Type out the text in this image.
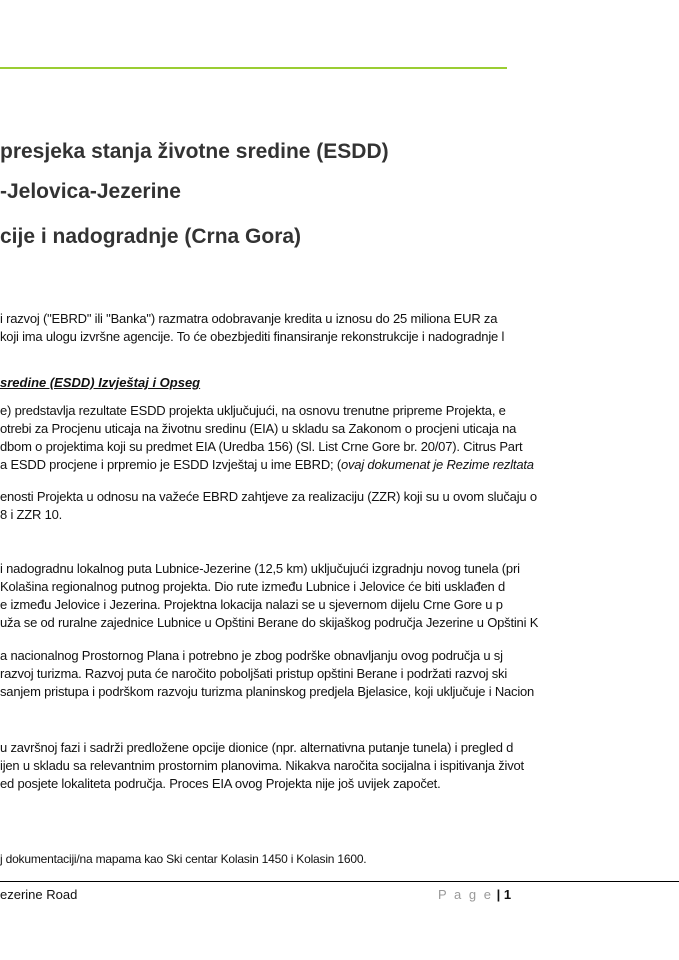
presjeka stanja životne sredine (ESDD)
-Jelovica-Jezerine
cije i nadogradnje (Crna Gora)
i razvoj ("EBRD" ili "Banka") razmatra odobravanje kredita u iznosu do 25 miliona EUR za
koji ima ulogu izvršne agencije. To će obezbjediti finansiranje rekonstrukcije i nadogradnje l
sredine (ESDD) Izvještaj i Opseg
e) predstavlja rezultate ESDD projekta uključujući, na osnovu trenutne pripreme Projekta, e
otrebi za Procjenu uticaja na životnu sredinu (EIA) u skladu sa Zakonom o procjeni uticaja na
dbom o projektima koji su predmet EIA (Uredba 156) (Sl. List Crne Gore br. 20/07). Citrus Part
a ESDD procjene i prpremio je ESDD Izvještaj u ime EBRD; (ovaj dokumenat je Rezime rezltata
enosti Projekta u odnosu na važeće EBRD zahtjeve za realizaciju (ZZR) koji su u ovom slučaju o
8 i ZZR 10.
i nadogradnu lokalnog puta Lubnice-Jezerine (12,5 km) uključujući izgradnju novog tunela (pri
Kolašina regionalnog putnog projekta. Dio rute između Lubnice i Jelovice će biti usklađen d
e između Jelovice i Jezerina. Projektna lokacija nalazi se u sjevernom dijelu Crne Gore u p
uža se od ruralne zajednice Lubnice u Opštini Berane do skijaškog područja Jezerine u Opštini K
a nacionalnog Prostornog Plana i potrebno je zbog podrške obnavljanju ovog područja u sj
razvoj turizma. Razvoj puta će naročito poboljšati pristup opštini Berane i podržati razvoj ski
sanjem pristupa i podrškom razvoju turizma planinskog predjela Bjelasice, koji uključuje i Nacion
u završnoj fazi i sadrži predložene opcije dionice (npr. alternativna putanje tunela) i pregled d
ijen u skladu sa relevantnim prostornim planovima. Nikakva naročita socijalna i ispitivanja život
ed posjete lokaliteta područja. Proces EIA ovog Projekta nije još uvijek započet.
j dokumentaciji/na mapama kao Ski centar Kolasin 1450 i Kolasin 1600.
ezerine Road	P a g e | 1
